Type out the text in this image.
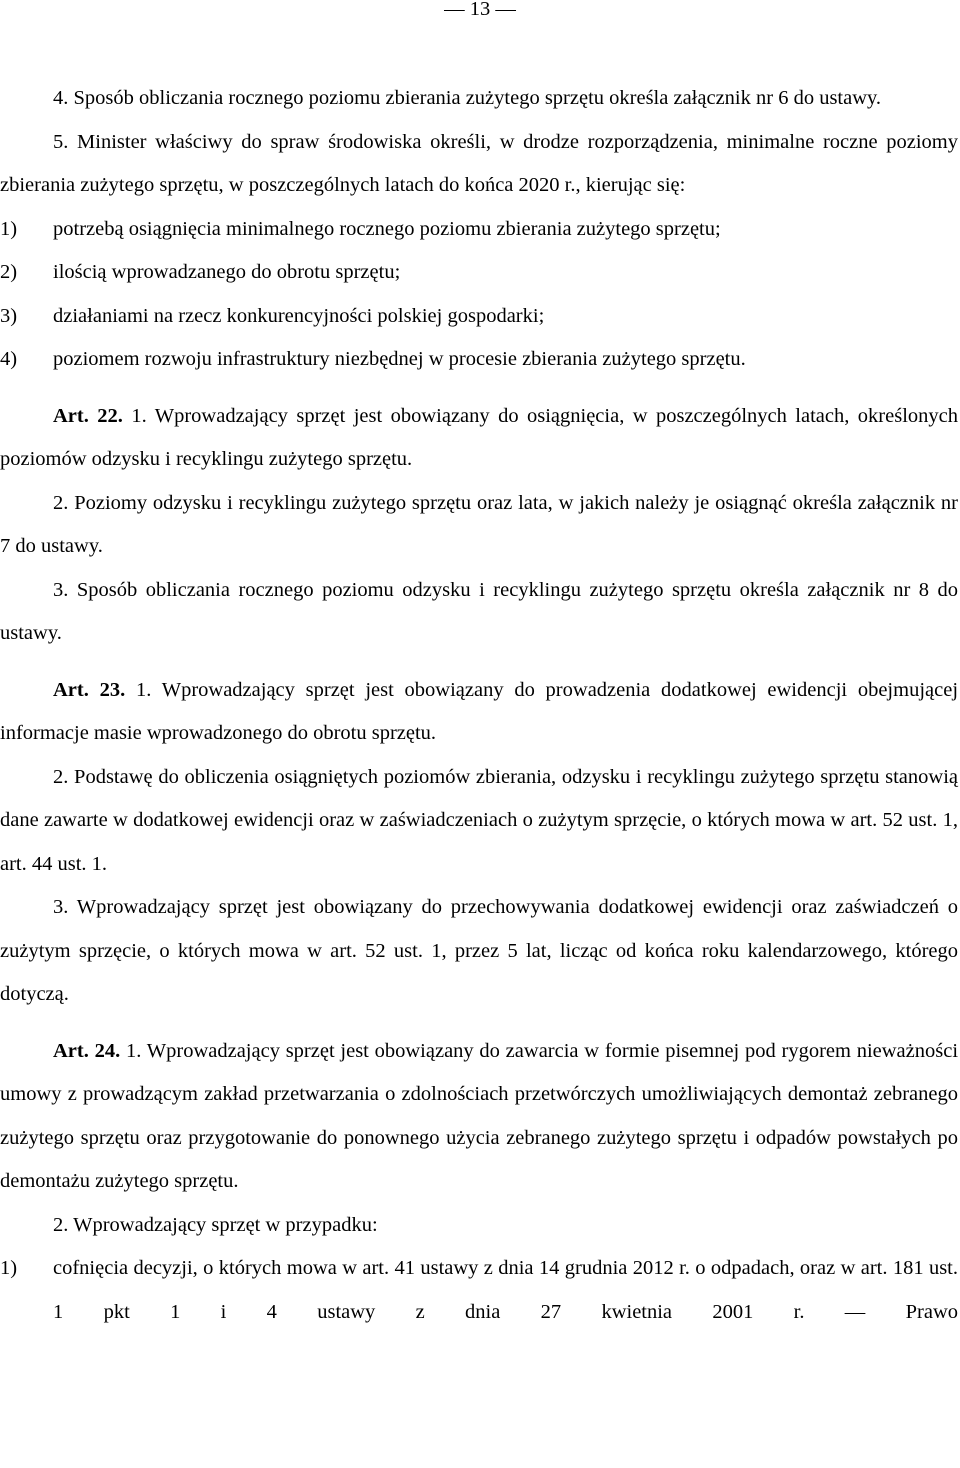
— 13 —

4. Sposób obliczania rocznego poziomu zbierania zużytego sprzętu określa załącznik nr 6 do ustawy.

5. Minister właściwy do spraw środowiska określi, w drodze rozporządzenia, minimalne roczne poziomy zbierania zużytego sprzętu, w poszczególnych latach do końca 2020 r., kierując się:

1)	potrzebą osiągnięcia minimalnego rocznego poziomu zbierania zużytego sprzętu;
2)	ilością wprowadzanego do obrotu sprzętu;
3)	działaniami na rzecz konkurencyjności polskiej gospodarki;
4)	poziomem rozwoju infrastruktury niezbędnej w procesie zbierania zużytego sprzętu.

Art. 22. 1. Wprowadzający sprzęt jest obowiązany do osiągnięcia, w poszczególnych latach, określonych poziomów odzysku i recyklingu zużytego sprzętu.

2. Poziomy odzysku i recyklingu zużytego sprzętu oraz lata, w jakich należy je osiągnąć określa załącznik nr 7 do ustawy.

3. Sposób obliczania rocznego poziomu odzysku i recyklingu zużytego sprzętu określa załącznik nr 8 do ustawy.

Art. 23. 1. Wprowadzający sprzęt jest obowiązany do prowadzenia dodatkowej ewidencji obejmującej informacje masie wprowadzonego do obrotu sprzętu.

2. Podstawę do obliczenia osiągniętych poziomów zbierania, odzysku i recyklingu zużytego sprzętu stanowią dane zawarte w dodatkowej ewidencji oraz w zaświadczeniach o zużytym sprzęcie, o których mowa w art. 52 ust. 1, art. 44 ust. 1.

3. Wprowadzający sprzęt jest obowiązany do przechowywania dodatkowej ewidencji oraz zaświadczeń o zużytym sprzęcie, o których mowa w art. 52 ust. 1, przez 5 lat, licząc od końca roku kalendarzowego, którego dotyczą.

Art. 24. 1. Wprowadzający sprzęt jest obowiązany do zawarcia w formie pisemnej pod rygorem nieważności umowy z prowadzącym zakład przetwarzania o zdolnościach przetwórczych umożliwiających demontaż zebranego zużytego sprzętu oraz przygotowanie do ponownego użycia zebranego zużytego sprzętu i odpadów powstałych po demontażu zużytego sprzętu.

2. Wprowadzający sprzęt w przypadku:

1)	cofnięcia decyzji, o których mowa w art. 41 ustawy z dnia 14 grudnia 2012 r. o odpadach, oraz w art. 181 ust. 1 pkt 1 i 4 ustawy z dnia 27 kwietnia 2001 r. — Prawo
